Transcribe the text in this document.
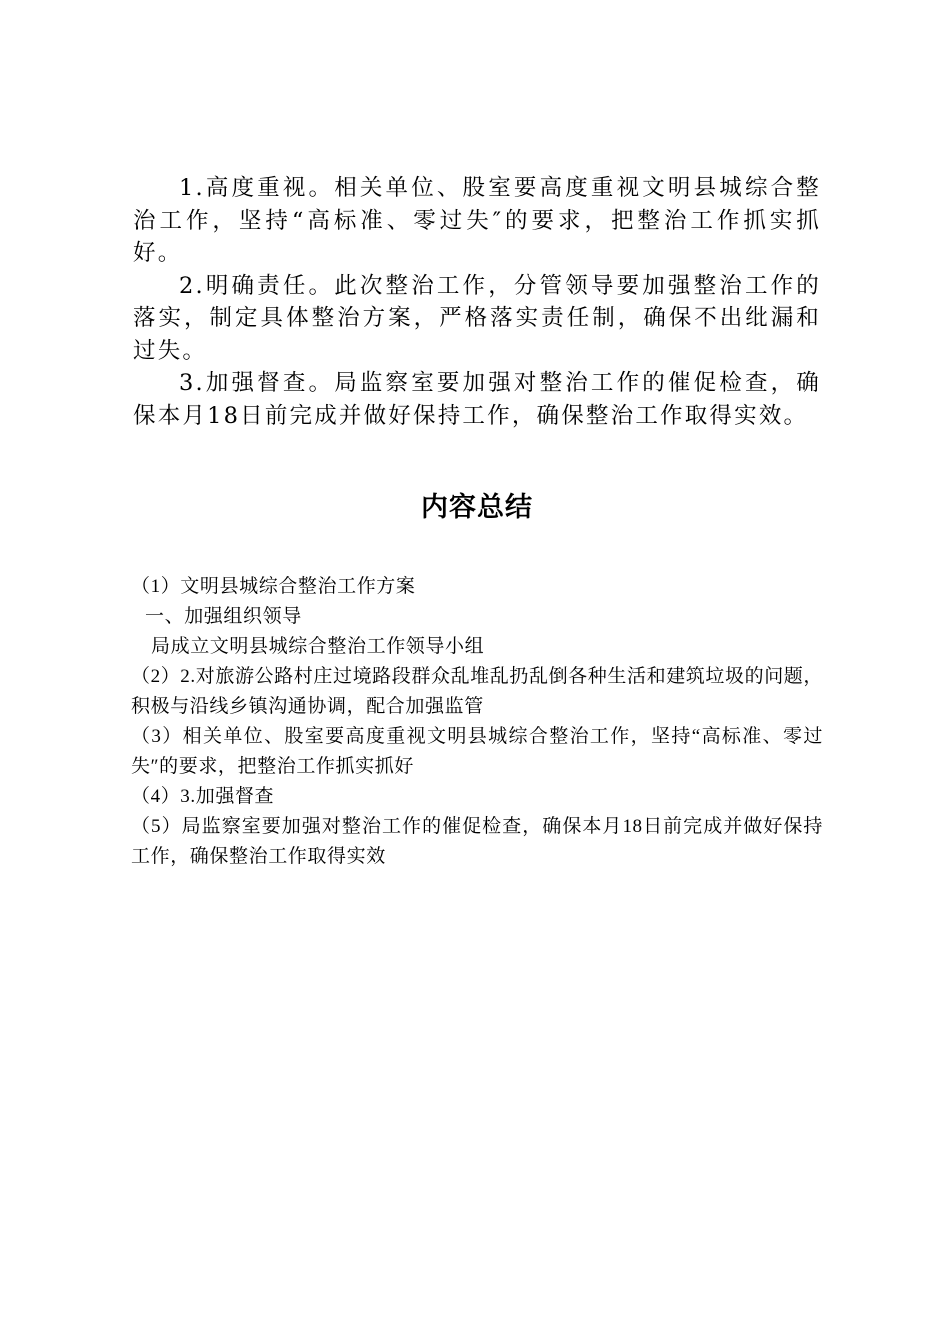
1.高度重视。相关单位、股室要高度重视文明县城综合整治工作，坚持“高标准、零过失″的要求，把整治工作抓实抓好。

2.明确责任。此次整治工作，分管领导要加强整治工作的落实，制定具体整治方案，严格落实责任制，确保不出纰漏和过失。

3.加强督查。局监察室要加强对整治工作的催促检查，确保本月18日前完成并做好保持工作，确保整治工作取得实效。

内容总结

（1）文明县城综合整治工作方案

一、加强组织领导

局成立文明县城综合整治工作领导小组

（2）2.对旅游公路村庄过境路段群众乱堆乱扔乱倒各种生活和建筑垃圾的问题，积极与沿线乡镇沟通协调，配合加强监管

（3）相关单位、股室要高度重视文明县城综合整治工作，坚持“高标准、零过失″的要求，把整治工作抓实抓好

（4）3.加强督查

（5）局监察室要加强对整治工作的催促检查，确保本月18日前完成并做好保持工作，确保整治工作取得实效
